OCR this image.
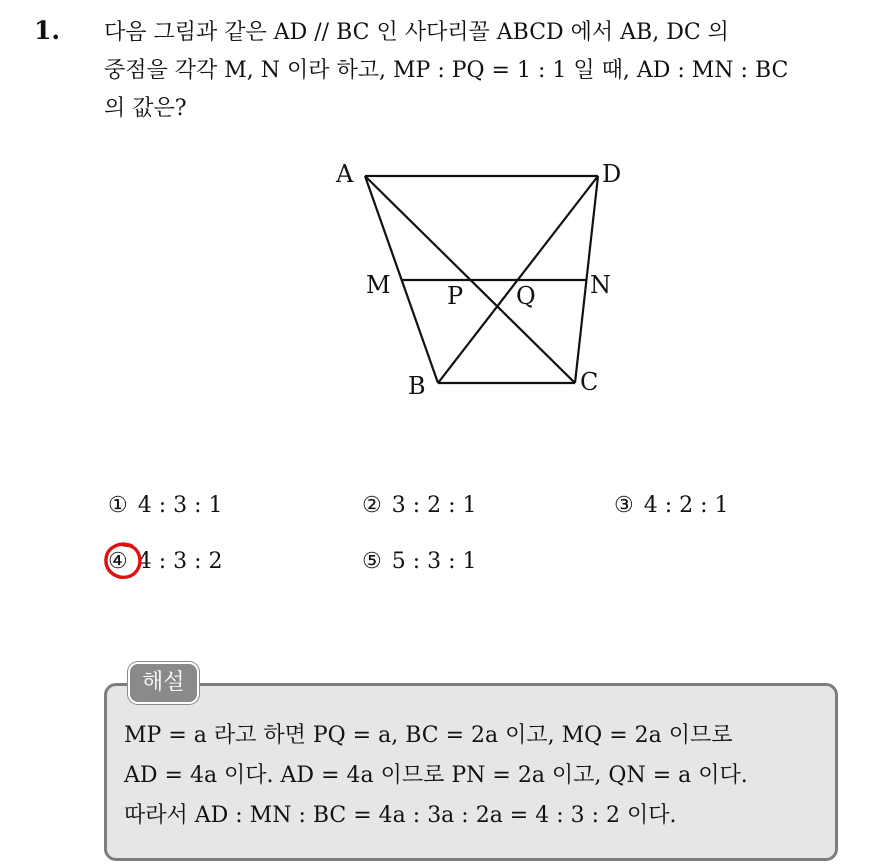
1. 다음 그림과 같은 AD // BC 인 사다리꼴 ABCD 에서 AB, DC 의
중점을 각각 M, N 이라 하고, MP : PQ = 1 : 1 일 때, AD : MN : BC
의 값은?
A	D
M	N
P Q
B	C
① 4 : 3 : 1	② 3 : 2 : 1	③ 4 : 2 : 1
④ 4 : 3 : 2	⑤ 5 : 3 : 1
해설
MP = a 라고 하면 PQ = a, BC = 2a 이고, MQ = 2a 이므로
AD = 4a 이다. AD = 4a 이므로 PN = 2a 이고, QN = a 이다.
따라서 AD : MN : BC = 4a : 3a : 2a = 4 : 3 : 2 이다.
